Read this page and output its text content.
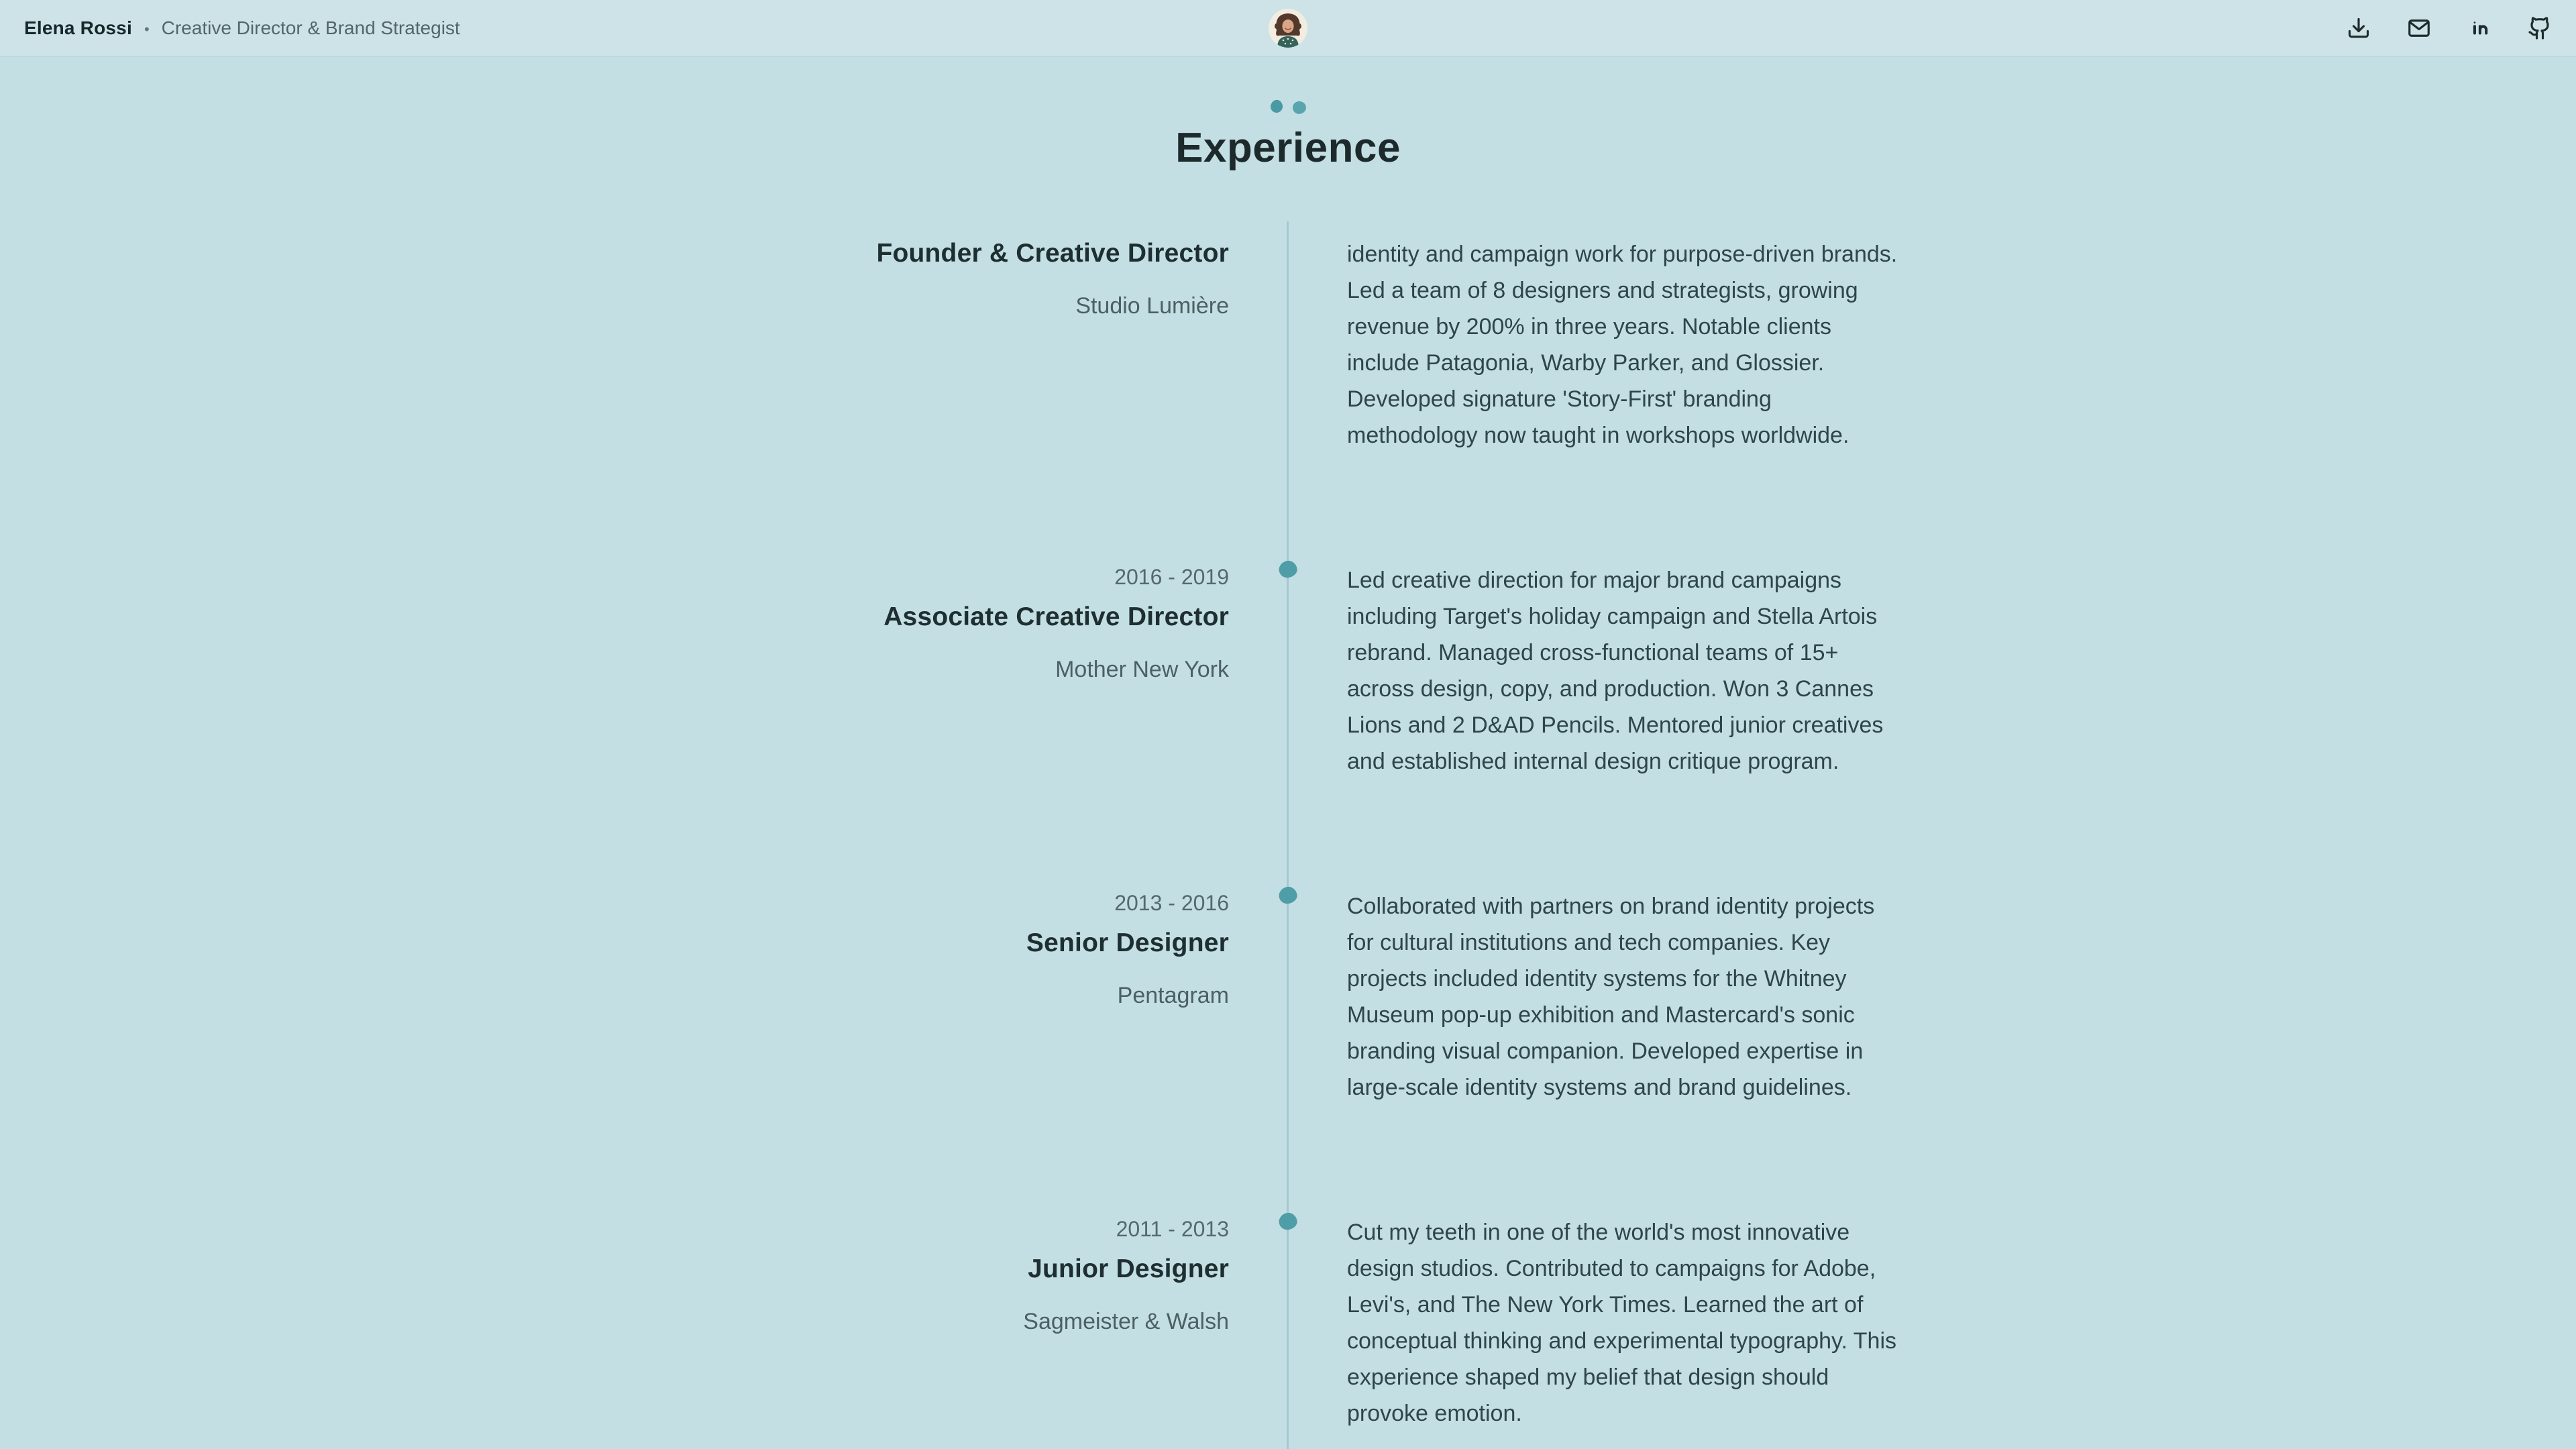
Elena Rossi • Creative Director & Brand Strategist
Experience
Founder & Creative Director
Studio Lumière

identity and campaign work for purpose-driven brands. Led a team of 8 designers and strategists, growing revenue by 200% in three years. Notable clients include Patagonia, Warby Parker, and Glossier. Developed signature 'Story-First' branding methodology now taught in workshops worldwide.

2016 - 2019
Associate Creative Director
Mother New York

Led creative direction for major brand campaigns including Target's holiday campaign and Stella Artois rebrand. Managed cross-functional teams of 15+ across design, copy, and production. Won 3 Cannes Lions and 2 D&AD Pencils. Mentored junior creatives and established internal design critique program.

2013 - 2016
Senior Designer
Pentagram

Collaborated with partners on brand identity projects for cultural institutions and tech companies. Key projects included identity systems for the Whitney Museum pop-up exhibition and Mastercard's sonic branding visual companion. Developed expertise in large-scale identity systems and brand guidelines.

2011 - 2013
Junior Designer
Sagmeister & Walsh

Cut my teeth in one of the world's most innovative design studios. Contributed to campaigns for Adobe, Levi's, and The New York Times. Learned the art of conceptual thinking and experimental typography. This experience shaped my belief that design should provoke emotion.
